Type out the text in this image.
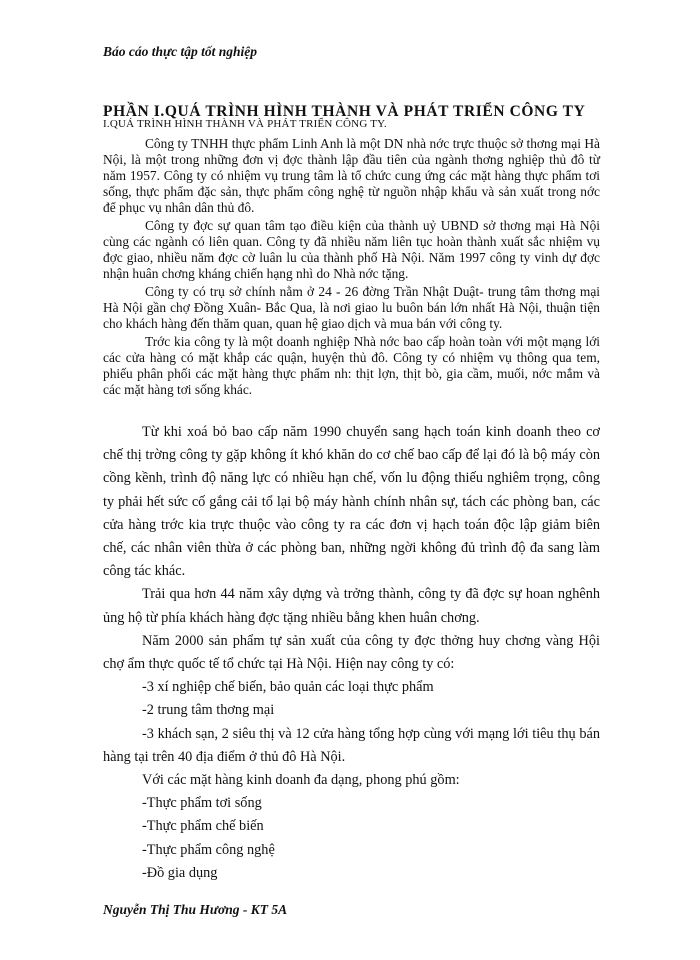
Báo cáo thực tập tốt nghiệp
PHẦN I.QUÁ TRÌNH HÌNH THÀNH VÀ PHÁT TRIỂN CÔNG TY
I.QUÁ TRÌNH HÌNH THÀNH VÀ PHÁT TRIỂN CÔNG TY.

Công ty TNHH thực phẩm Linh Anh là một DN nhà nớc trực thuộc sở thơng mại Hà Nội, là một trong những đơn vị đợc thành lập đầu tiên của ngành thơng nghiệp thủ đô từ năm 1957. Công ty có nhiệm vụ trung tâm là tổ chức cung ứng các mặt hàng thực phẩm tơi sống, thực phẩm đặc sản, thực phẩm công nghệ từ nguồn nhập khẩu và sản xuất trong nớc để phục vụ nhân dân thủ đô.

Công ty đợc sự quan tâm tạo điều kiện của thành uỷ UBND sở thơng mại Hà Nội cùng các ngành có liên quan. Công ty đã nhiều năm liên tục hoàn thành xuất sắc nhiệm vụ đợc giao, nhiều năm đợc cờ luân lu của thành phố Hà Nội. Năm 1997 công ty vinh dự đợc nhận huân chơng kháng chiến hạng nhì do Nhà nớc tặng.

Công ty có trụ sở chính nằm ở 24 - 26 đờng Trần Nhật Duật- trung tâm thơng mại Hà Nội gần chợ Đồng Xuân- Bắc Qua, là nơi giao lu buôn bán lớn nhất Hà Nội, thuận tiện cho khách hàng đến thăm quan, quan hệ giao dịch và mua bán với công ty.

Trớc kia công ty là một doanh nghiệp Nhà nớc bao cấp hoàn toàn với một mạng lới các cửa hàng có mặt khắp các quận, huyện thủ đô. Công ty có nhiệm vụ thông qua tem, phiếu phân phối các mặt hàng thực phẩm nh: thịt lợn, thịt bò, gia cầm, muối, nớc mắm và các mặt hàng tơi sống khác.

Từ khi xoá bỏ bao cấp năm 1990 chuyển sang hạch toán kinh doanh theo cơ chế thị trờng công ty gặp không ít khó khăn do cơ chế bao cấp để lại đó là bộ máy còn cồng kềnh, trình độ năng lực có nhiều hạn chế, vốn lu động thiếu nghiêm trọng, công ty phải hết sức cố gắng cải tổ lại bộ máy hành chính nhân sự, tách các phòng ban, các cửa hàng trớc kia trực thuộc vào công ty ra các đơn vị hạch toán độc lập giảm biên chế, các nhân viên thừa ở các phòng ban, những ngời không đủ trình độ đa sang làm công tác khác.

Trải qua hơn 44 năm xây dựng và trởng thành, công ty đã đợc sự hoan nghênh ủng hộ từ phía khách hàng đợc tặng nhiều bằng khen huân chơng.

Năm 2000 sản phẩm tự sản xuất của công ty đợc thởng huy chơng vàng Hội chợ ẩm thực quốc tế tổ chức tại Hà Nội. Hiện nay công ty có:

-3 xí nghiệp chế biến, bảo quản các loại thực phẩm

-2 trung tâm thơng mại

-3 khách sạn, 2 siêu thị và 12 cửa hàng tổng hợp cùng với mạng lới tiêu thụ bán hàng tại trên 40 địa điểm ở thủ đô Hà Nội.

Với các mặt hàng kinh doanh đa dạng, phong phú gồm:

-Thực phẩm tơi sống

-Thực phẩm chế biến

-Thực phẩm công nghệ

-Đồ gia dụng

Nguyễn Thị Thu Hương - KT 5A
